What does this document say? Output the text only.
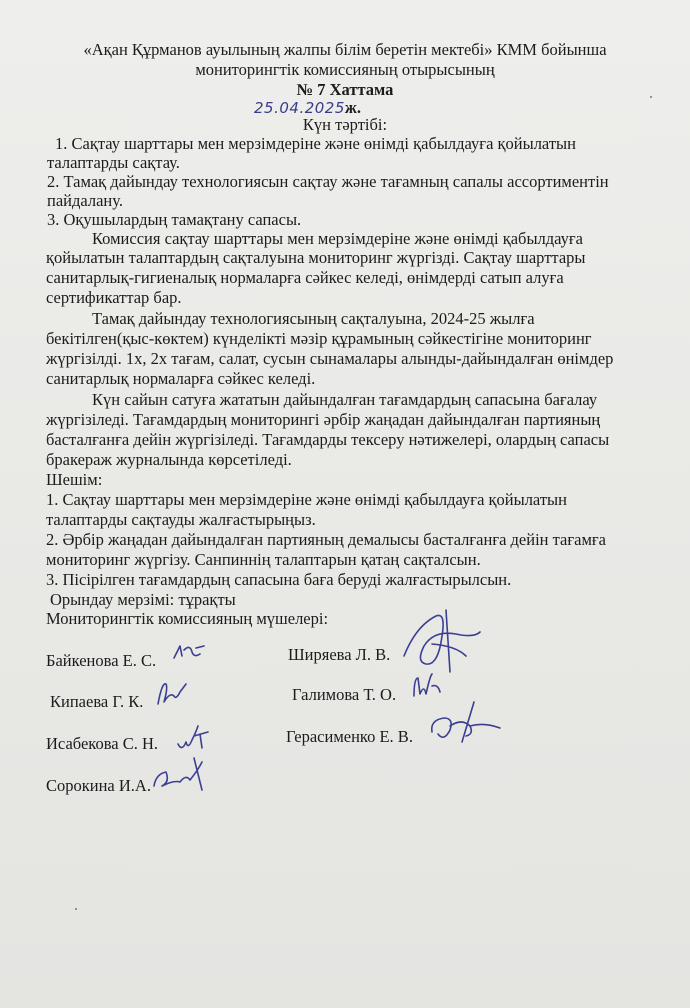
«Ақан Құрманов ауылының жалпы білім беретін мектебі» КММ бойынша
мониторингтік комиссияның отырысының
№ 7 Хаттама
25.04.2025ж.
Күн тәртібі:
1. Сақтау шарттары мен мерзімдеріне және өнімді қабылдауға қойылатын
талаптарды сақтау.
2. Тамақ дайындау технологиясын сақтау және тағамның сапалы ассортиментін
пайдалану.
3. Оқушылардың тамақтану сапасы.
Комиссия сақтау шарттары мен мерзімдеріне және өнімді қабылдауға
қойылатын талаптардың сақталуына мониторинг жүргізді. Сақтау шарттары
санитарлық-гигиеналық нормаларға сәйкес келеді, өнімдерді сатып алуға
сертификаттар бар.
Тамақ дайындау технологиясының сақталуына, 2024-25 жылға
бекітілген(қыс-көктем) күнделікті мәзір құрамының сәйкестігіне мониторинг
жүргізілді. 1х, 2х тағам, салат, сусын сынамалары алынды-дайындалған өнімдер
санитарлық нормаларға сәйкес келеді.
Күн сайын сатуға жататын дайындалған тағамдардың сапасына бағалау
жүргізіледі. Тағамдардың мониторингі әрбір жаңадан дайындалған партияның
басталғанға дейін жүргізіледі. Тағамдарды тексеру нәтижелері, олардың сапасы
бракераж журналында көрсетіледі.
Шешім:
1. Сақтау шарттары мен мерзімдеріне және өнімді қабылдауға қойылатын
талаптарды сақтауды жалғастырыңыз.
2. Әрбір жаңадан дайындалған партияның демалысы басталғанға дейін тағамға
мониторинг жүргізу. Санпиннің талаптарын қатаң сақталсын.
3. Пісірілген тағамдардың сапасына баға беруді жалғастырылсын.
Орындау мерзімі: тұрақты
Мониторингтік комиссияның мүшелері:
Байкенова Е. С.	Ширяева Л. В.
Кипаева Г. К.	Галимова Т. О.
Исабекова С. Н.	Герасименко Е. В.
Сорокина И.А.
